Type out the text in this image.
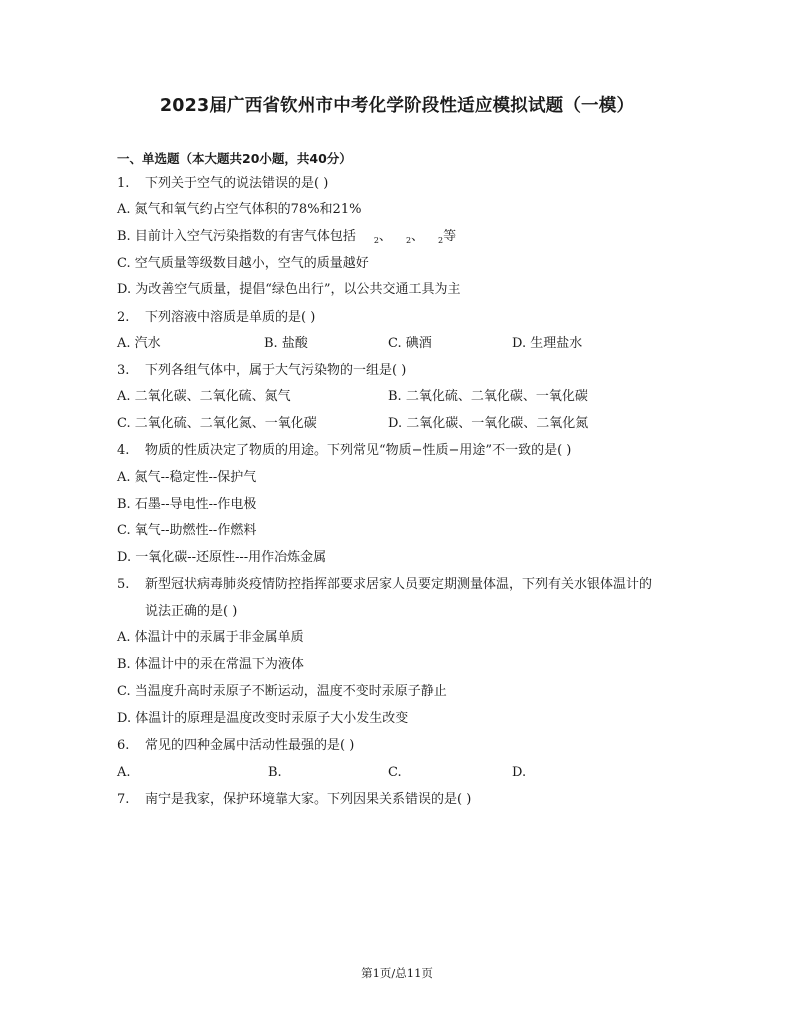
2023届广西省钦州市中考化学阶段性适应模拟试题（一模）
一、单选题（本大题共20小题，共40分）
1. 下列关于空气的说法错误的是( )
A. 氮气和氧气约占空气体积的78%和21%
B. 目前计入空气污染指数的有害气体包括 $_2$、 $_2$、 $_2$等
C. 空气质量等级数目越小，空气的质量越好
D. 为改善空气质量，提倡“绿色出行”，以公共交通工具为主
2. 下列溶液中溶质是单质的是( )
A. 汽水	B. 盐酸	C. 碘酒	D. 生理盐水
3. 下列各组气体中，属于大气污染物的一组是( )
A. 二氧化碳、二氧化硫、氮气	B. 二氧化硫、二氧化碳、一氧化碳
C. 二氧化硫、二氧化氮、一氧化碳	D. 二氧化碳、一氧化碳、二氧化氮
4. 物质的性质决定了物质的用途。下列常见“物质−性质−用途”不一致的是( )
A. 氮气--稳定性--保护气
B. 石墨--导电性--作电极
C. 氧气--助燃性--作燃料
D. 一氧化碳--还原性---用作冶炼金属
5. 新型冠状病毒肺炎疫情防控指挥部要求居家人员要定期测量体温，下列有关水银体温计的
说法正确的是( )
A. 体温计中的汞属于非金属单质
B. 体温计中的汞在常温下为液体
C. 当温度升高时汞原子不断运动，温度不变时汞原子静止
D. 体温计的原理是温度改变时汞原子大小发生改变
6. 常见的四种金属中活动性最强的是( )
A.	B.	C.	D.
7. 南宁是我家，保护环境靠大家。下列因果关系错误的是( )
第1页/总11页
